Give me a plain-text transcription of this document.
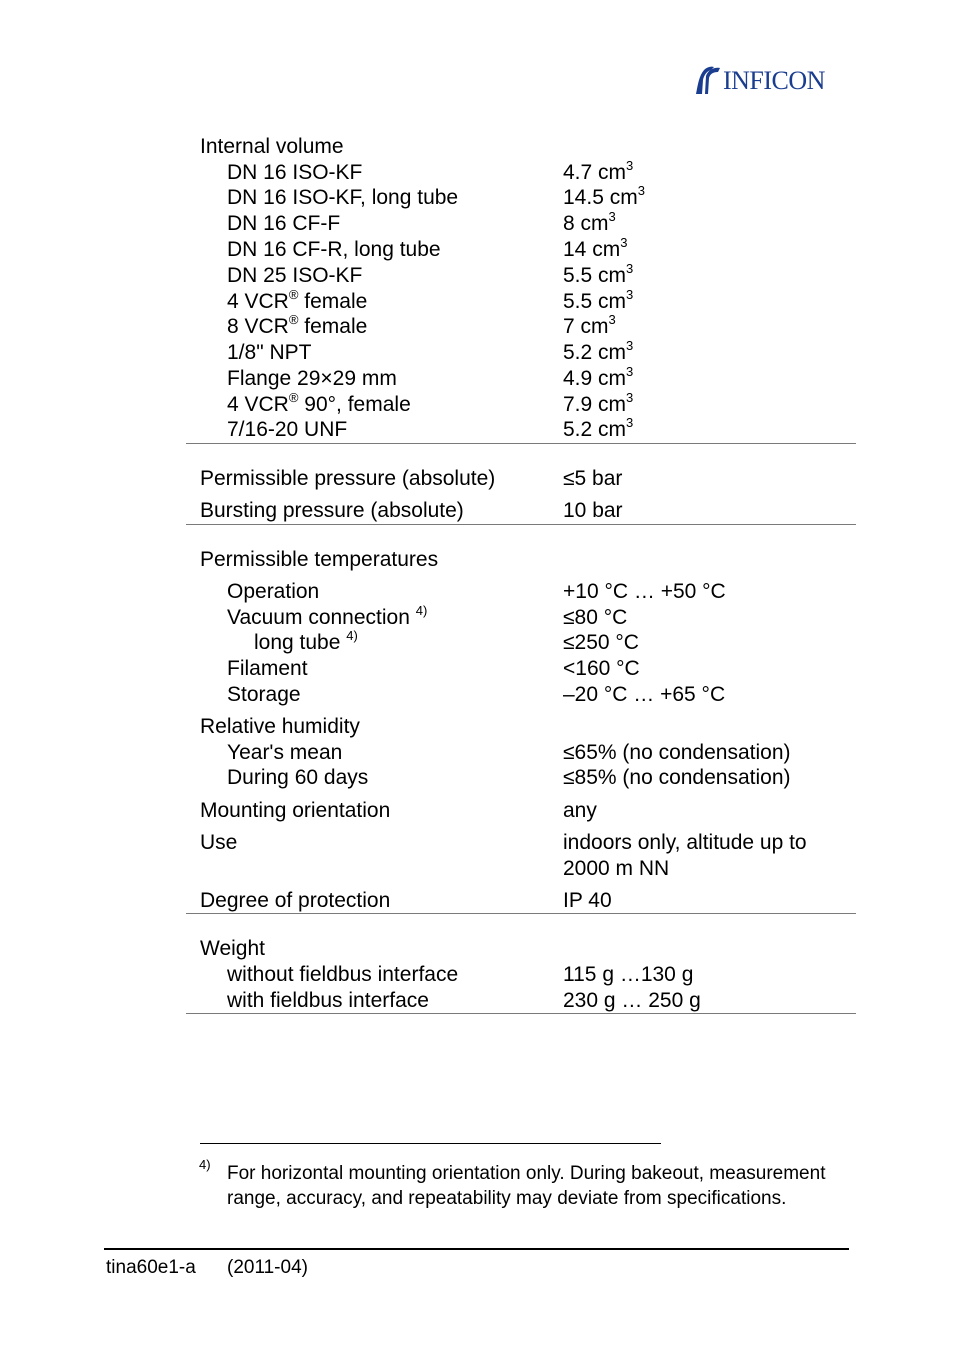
INFICON
Internal volume
DN 16 ISO-KF	4.7 $cm^3$
DN 16 ISO-KF, long tube	14.5 $cm^3$
DN 16 CF-F	8 $cm^3$
DN 16 CF-R, long tube	14 $cm^3$
DN 25 ISO-KF	5.5 $cm^3$
4 VCR® female	5.5 $cm^3$
8 VCR® female	7 $cm^3$
1/8" NPT	5.2 $cm^3$
Flange 29×29 mm	4.9 $cm^3$
4 VCR® 90°, female	7.9 $cm^3$
7/16-20 UNF	5.2 $cm^3$
Permissible pressure (absolute)	≤5 bar
Bursting pressure (absolute)	10 bar
Permissible temperatures
Operation	+10 °C … +50 °C
Vacuum connection $^{4)}$	≤80 °C
long tube $^{4)}$	≤250 °C
Filament	<160 °C
Storage	–20 °C … +65 °C
Relative humidity
Year's mean	≤65% (no condensation)
During 60 days	≤85% (no condensation)
Mounting orientation	any
Use	indoors only, altitude up to
2000 m NN
Degree of protection	IP 40
Weight
without fieldbus interface	115 g …130 g
with fieldbus interface	230 g … 250 g
4) For horizontal mounting orientation only. During bakeout, measurement range, accuracy, and repeatability may deviate from specifications.
tina60e1-a (2011-04)
